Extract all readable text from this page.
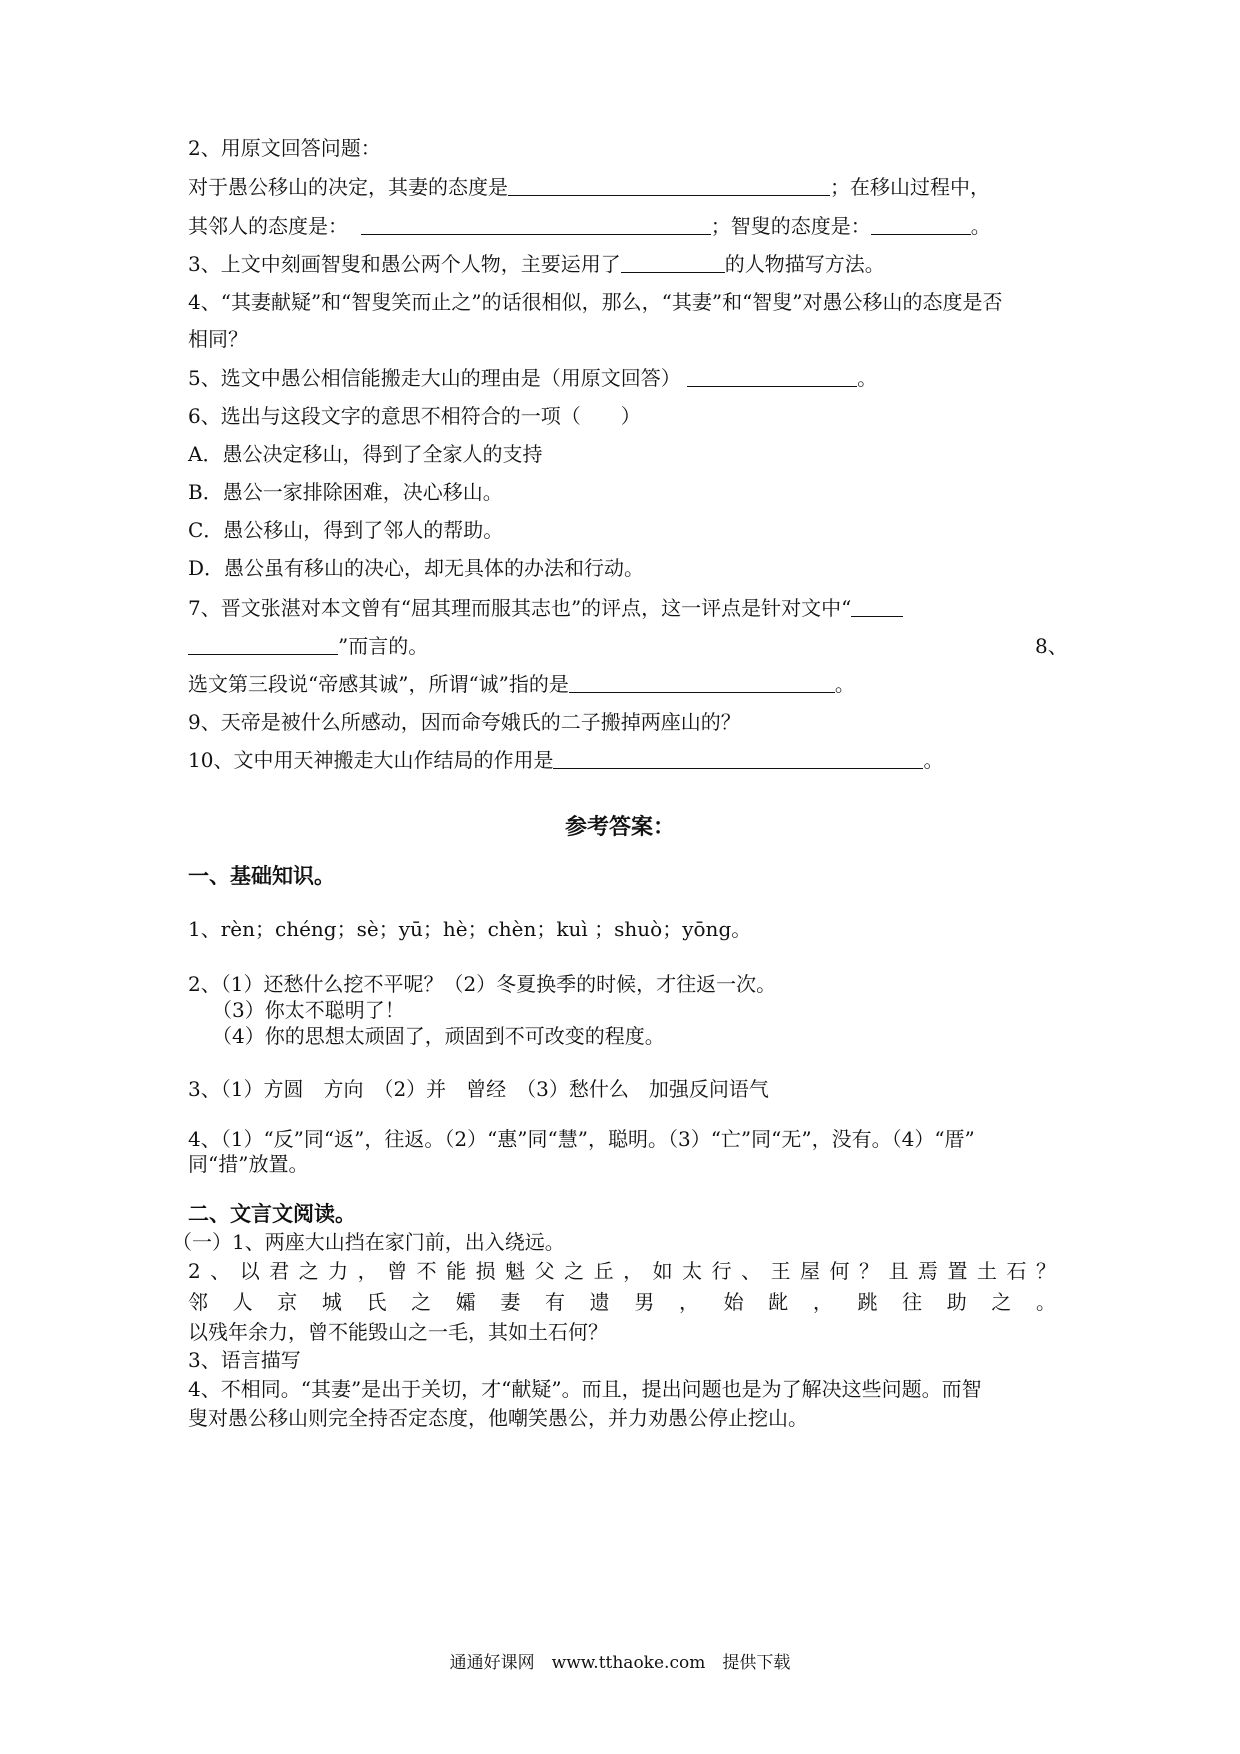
2、用原文回答问题：
对于愚公移山的决定，其妻的态度是	；在移山过程中，
其邻人的态度是：	；智叟的态度是：	。
3、上文中刻画智叟和愚公两个人物，主要运用了	的人物描写方法。
4、“其妻献疑”和“智叟笑而止之”的话很相似，那么，“其妻”和“智叟”对愚公移山的态度是否
相同？
5、选文中愚公相信能搬走大山的理由是（用原文回答）	。
6、选出与这段文字的意思不相符合的一项（　　）
A．愚公决定移山，得到了全家人的支持
B．愚公一家排除困难，决心移山。
C．愚公移山，得到了邻人的帮助。
D．愚公虽有移山的决心，却无具体的办法和行动。
7、晋文张湛对本文曾有“屈其理而服其志也”的评点，这一评点是针对文中“
”而言的。	8、
选文第三段说“帝感其诚”，所谓“诚”指的是	。
9、天帝是被什么所感动，因而命夸娥氏的二子搬掉两座山的？
10、文中用天神搬走大山作结局的作用是	。
参考答案：
一、基础知识。
1、rèn；chéng；sè；yū；hè；chèn；kuì ；shuò；yōng。
2、（1）还愁什么挖不平呢？（2）冬夏换季的时候，才往返一次。
（3）你太不聪明了！
（4）你的思想太顽固了，顽固到不可改变的程度。
3、（1）方圆　方向　（2）并　曾经　（3）愁什么　加强反问语气
4、（1）“反”同“返”，往返。（2）“惠”同“慧”，聪明。（3）“亡”同“无”，没有。（4）“厝”
同“措”放置。
二、文言文阅读。
（一）1、两座大山挡在家门前，出入绕远。
2、以君之力，曾不能损魁父之丘，如太行、王屋何？且焉置土石？
邻人京城氏之孀妻有遗男，始龀，跳往助之。
以残年余力，曾不能毁山之一毛，其如土石何？
3、语言描写
4、不相同。“其妻”是出于关切，才“献疑”。而且，提出问题也是为了解决这些问题。而智
叟对愚公移山则完全持否定态度，他嘲笑愚公，并力劝愚公停止挖山。
通通好课网　www.tthaoke.com　提供下载
